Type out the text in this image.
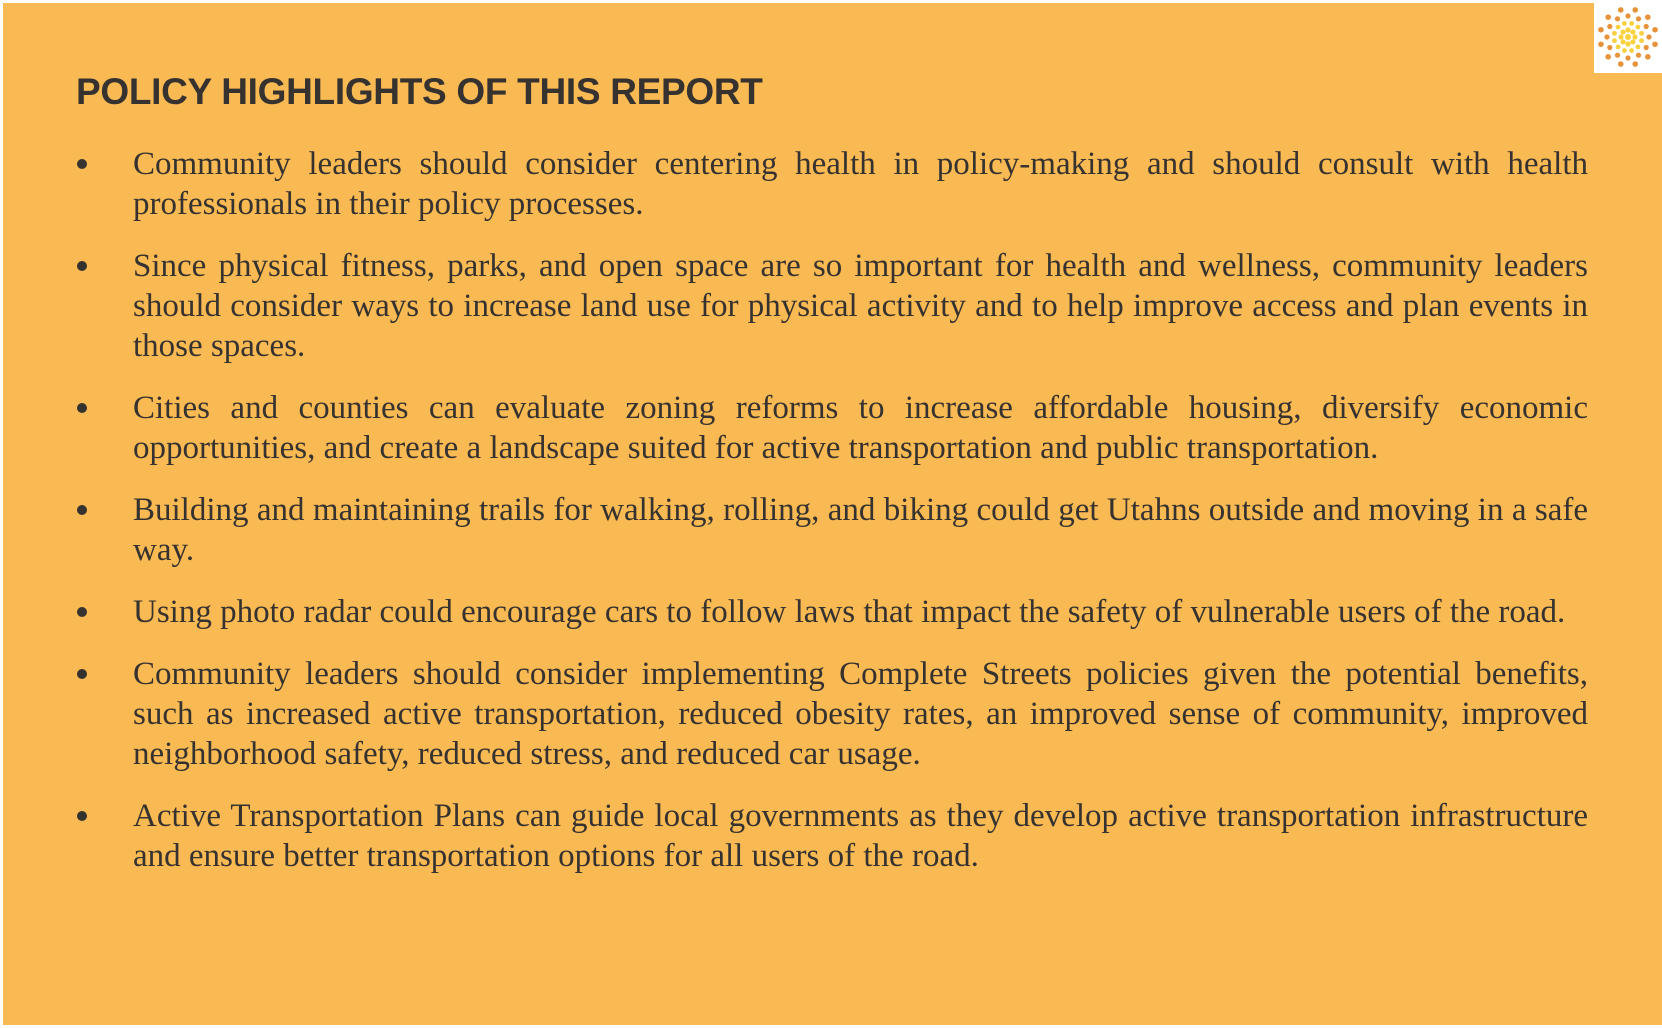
POLICY HIGHLIGHTS OF THIS REPORT
Community leaders should consider centering health in policy-making and should consult with health professionals in their policy processes.
Since physical fitness, parks, and open space are so important for health and wellness, community leaders should consider ways to increase land use for physical activity and to help improve access and plan events in those spaces.
Cities and counties can evaluate zoning reforms to increase affordable housing, diversify economic opportunities, and create a landscape suited for active transportation and public transportation.
Building and maintaining trails for walking, rolling, and biking could get Utahns outside and moving in a safe way.
Using photo radar could encourage cars to follow laws that impact the safety of vulnerable users of the road.
Community leaders should consider implementing Complete Streets policies given the potential benefits, such as increased active transportation, reduced obesity rates, an improved sense of community, improved neighborhood safety, reduced stress, and reduced car usage.
Active Transportation Plans can guide local governments as they develop active transportation infrastructure and ensure better transportation options for all users of the road.
